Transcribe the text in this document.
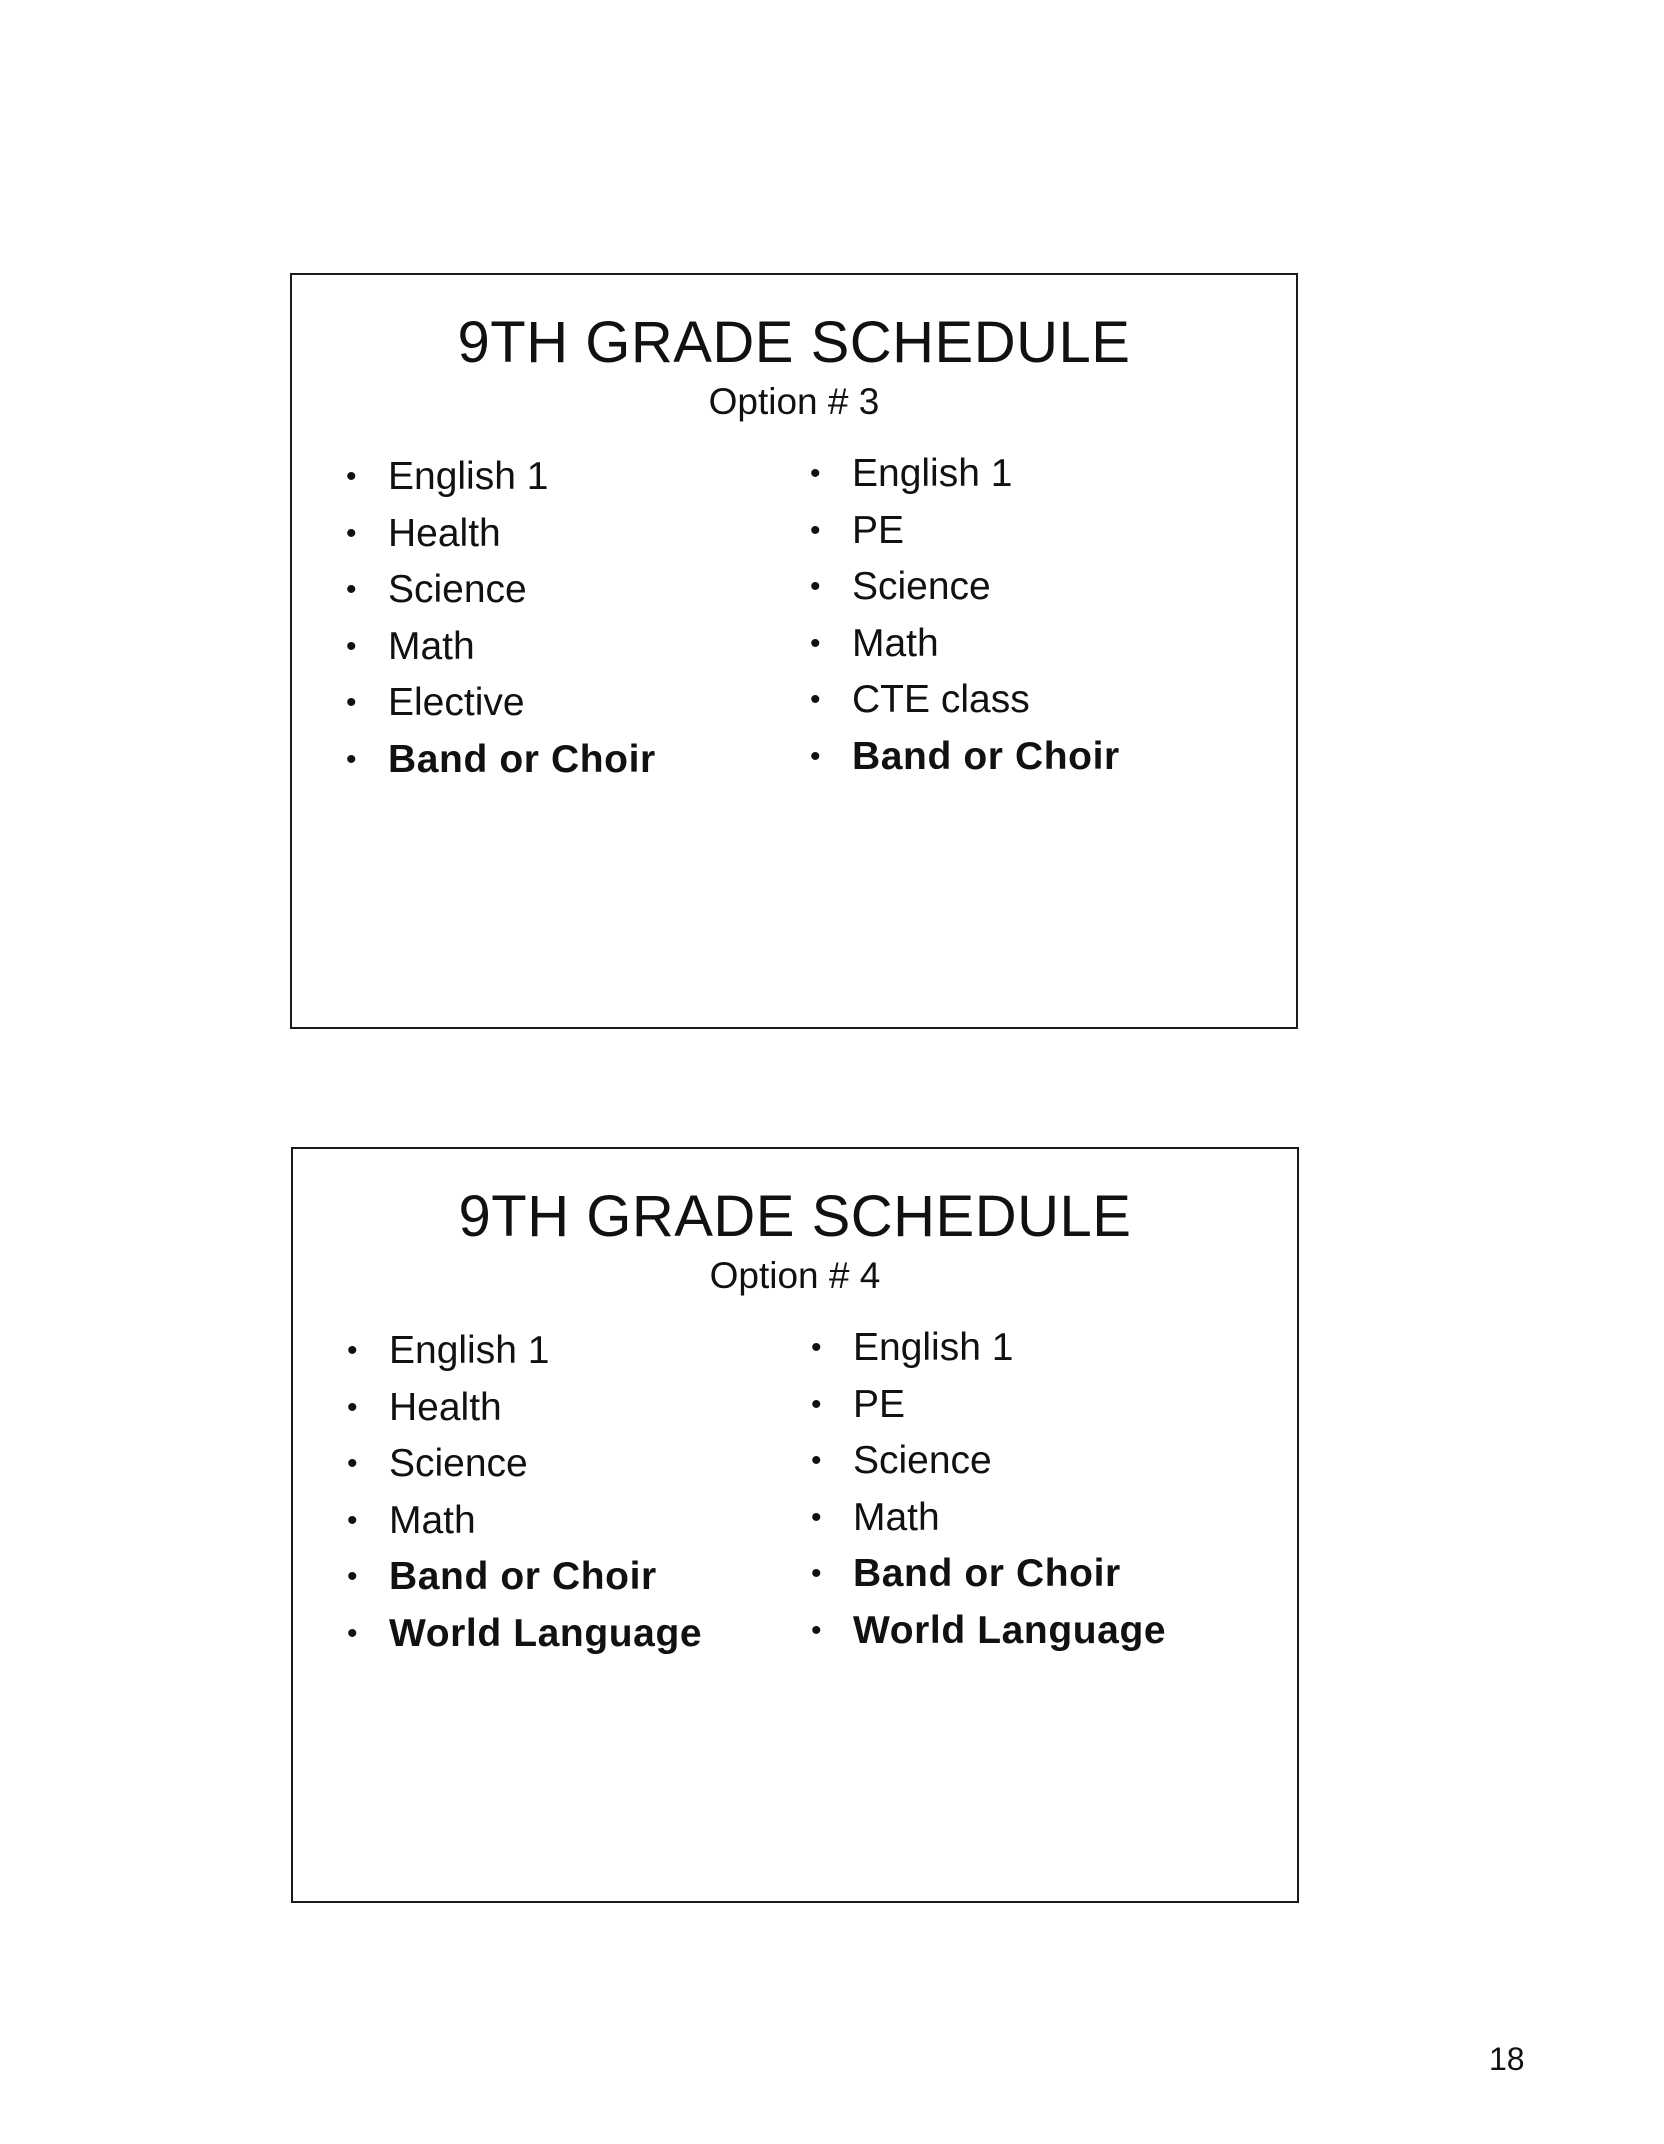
9TH GRADE SCHEDULE
Option # 3
• English 1
• Health
• Science
• Math
• Elective
• Band or Choir
• English 1
• PE
• Science
• Math
• CTE class
• Band or Choir
9TH GRADE SCHEDULE
Option # 4
• English 1
• Health
• Science
• Math
• Band or Choir
• World Language
• English 1
• PE
• Science
• Math
• Band or Choir
• World Language
18
